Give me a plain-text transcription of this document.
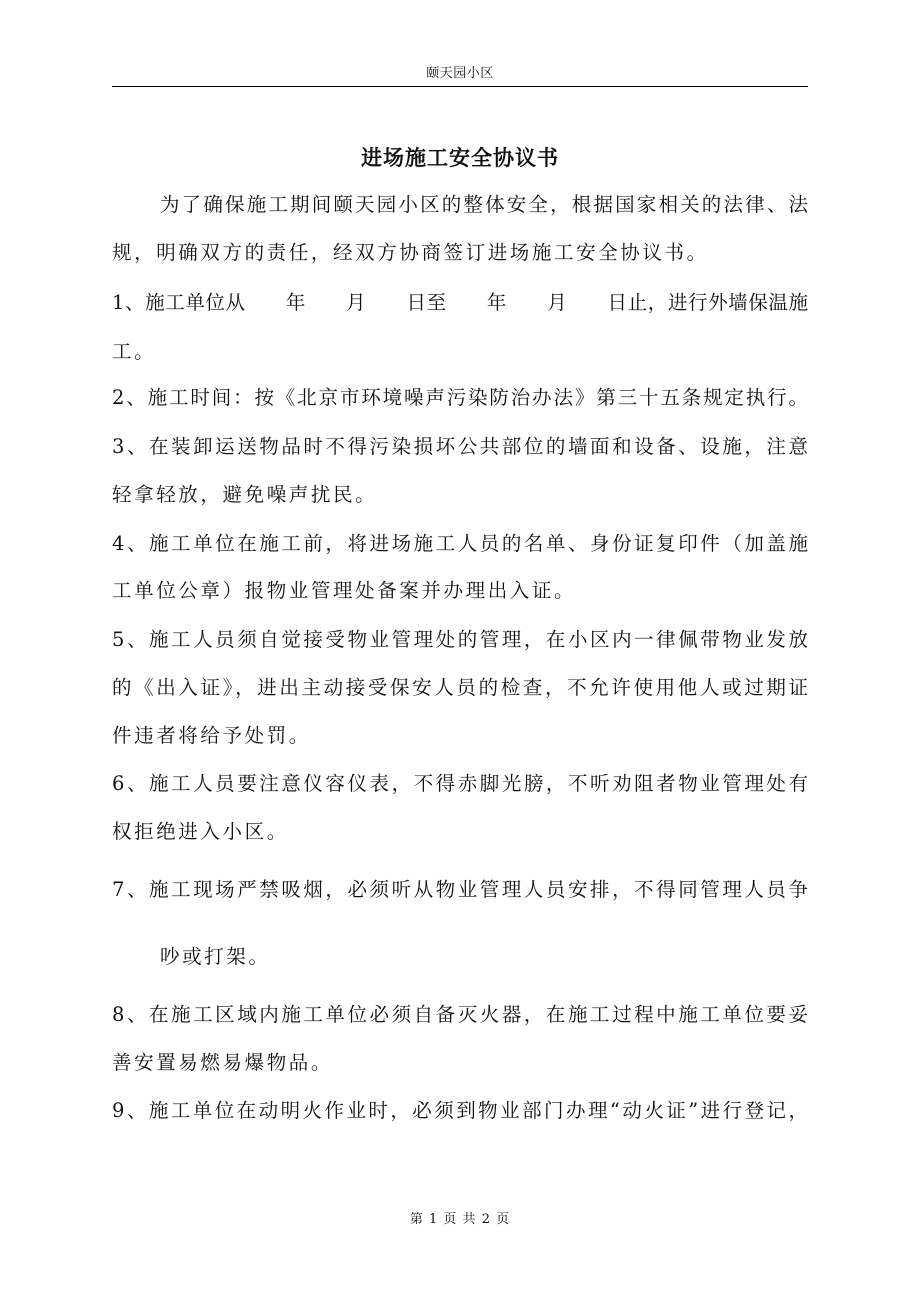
颐天园小区
进场施工安全协议书
为了确保施工期间颐天园小区的整体安全，根据国家相关的法律、法
规，明确双方的责任，经双方协商签订进场施工安全协议书。
1、施工单位从　　年　　月　　日至　　年　　月　　日止，进行外墙保温施
工。
2、施工时间：按《北京市环境噪声污染防治办法》第三十五条规定执行。
3、在装卸运送物品时不得污染损坏公共部位的墙面和设备、设施，注意
轻拿轻放，避免噪声扰民。
4、施工单位在施工前，将进场施工人员的名单、身份证复印件（加盖施
工单位公章）报物业管理处备案并办理出入证。
5、施工人员须自觉接受物业管理处的管理，在小区内一律佩带物业发放
的《出入证》，进出主动接受保安人员的检查，不允许使用他人或过期证
件违者将给予处罚。
6、施工人员要注意仪容仪表，不得赤脚光膀，不听劝阻者物业管理处有
权拒绝进入小区。
7、施工现场严禁吸烟，必须听从物业管理人员安排，不得同管理人员争
吵或打架。
8、在施工区域内施工单位必须自备灭火器，在施工过程中施工单位要妥
善安置易燃易爆物品。
9、施工单位在动明火作业时，必须到物业部门办理“动火证”进行登记，
第 1 页 共 2 页
